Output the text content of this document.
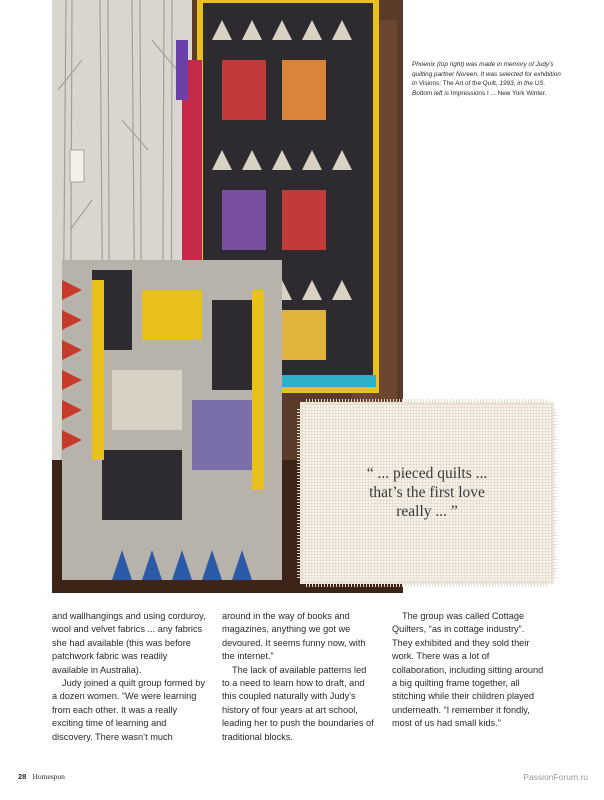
Phoenix (top right) was made in memory of Judy's quilting partner Noreen. It was selected for exhibition in Visions: The Art of the Quilt, 1993, in the US. Bottom left is Impressions I ... New York Winter.
“ ... pieced quilts ...
that’s the first love
really ... ”

and wallhangings and using corduroy, wool and velvet fabrics ... any fabrics she had available (this was before patchwork fabric was readily available in Australia).

Judy joined a quilt group formed by a dozen women. “We were learning from each other. It was a really exciting time of learning and discovery. There wasn’t much

around in the way of books and magazines, anything we got we devoured. It seems funny now, with the internet.”

The lack of available patterns led to a need to learn how to draft, and this coupled naturally with Judy’s history of four years at art school, leading her to push the boundaries of traditional blocks.

The group was called Cottage Quilters, “as in cottage industry”. They exhibited and they sold their work. There was a lot of collaboration, including sitting around a big quilting frame together, all stitching while their children played underneath. “I remember it fondly, most of us had small kids.”

28 Homespun	PassionForum.ru
